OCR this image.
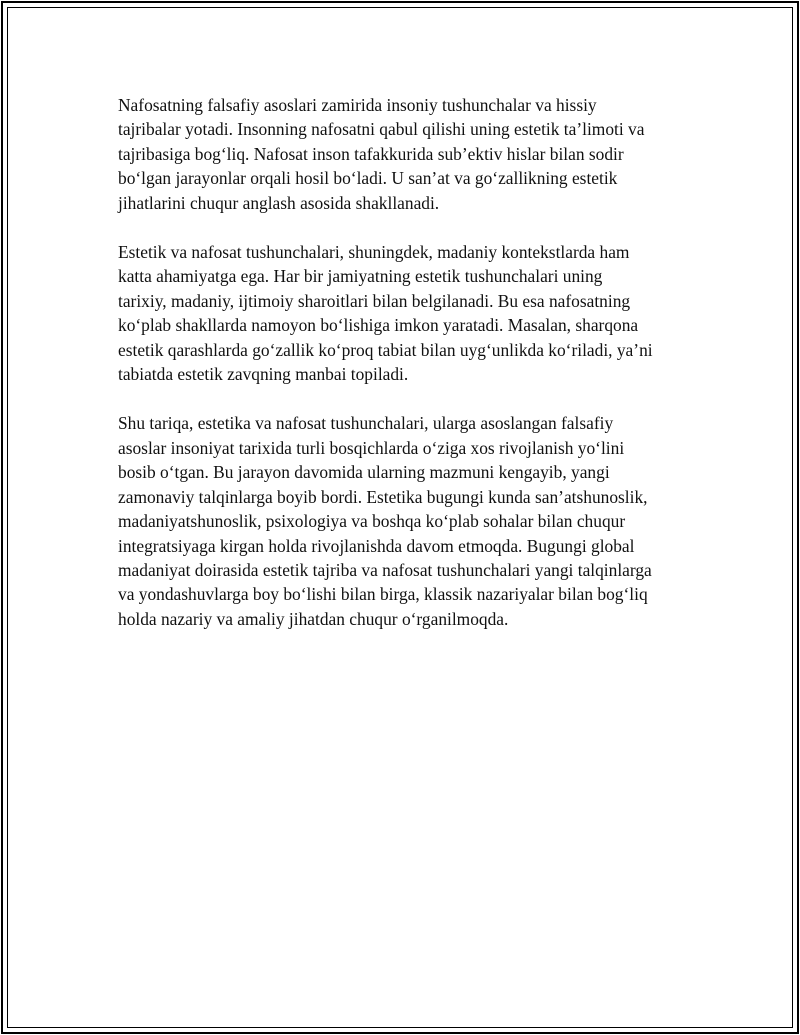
Nafosatning falsafiy asoslari zamirida insoniy tushunchalar va hissiy
tajribalar yotadi. Insonning nafosatni qabul qilishi uning estetik ta’limoti va
tajribasiga bog‘liq. Nafosat inson tafakkurida sub’ektiv hislar bilan sodir
bo‘lgan jarayonlar orqali hosil bo‘ladi. U san’at va go‘zallikning estetik
jihatlarini chuqur anglash asosida shakllanadi.
Estetik va nafosat tushunchalari, shuningdek, madaniy kontekstlarda ham
katta ahamiyatga ega. Har bir jamiyatning estetik tushunchalari uning
tarixiy, madaniy, ijtimoiy sharoitlari bilan belgilanadi. Bu esa nafosatning
ko‘plab shakllarda namoyon bo‘lishiga imkon yaratadi. Masalan, sharqona
estetik qarashlarda go‘zallik ko‘proq tabiat bilan uyg‘unlikda ko‘riladi, ya’ni
tabiatda estetik zavqning manbai topiladi.
Shu tariqa, estetika va nafosat tushunchalari, ularga asoslangan falsafiy
asoslar insoniyat tarixida turli bosqichlarda o‘ziga xos rivojlanish yo‘lini
bosib o‘tgan. Bu jarayon davomida ularning mazmuni kengayib, yangi
zamonaviy talqinlarga boyib bordi. Estetika bugungi kunda san’atshunoslik,
madaniyatshunoslik, psixologiya va boshqa ko‘plab sohalar bilan chuqur
integratsiyaga kirgan holda rivojlanishda davom etmoqda. Bugungi global
madaniyat doirasida estetik tajriba va nafosat tushunchalari yangi talqinlarga
va yondashuvlarga boy bo‘lishi bilan birga, klassik nazariyalar bilan bog‘liq
holda nazariy va amaliy jihatdan chuqur o‘rganilmoqda.
